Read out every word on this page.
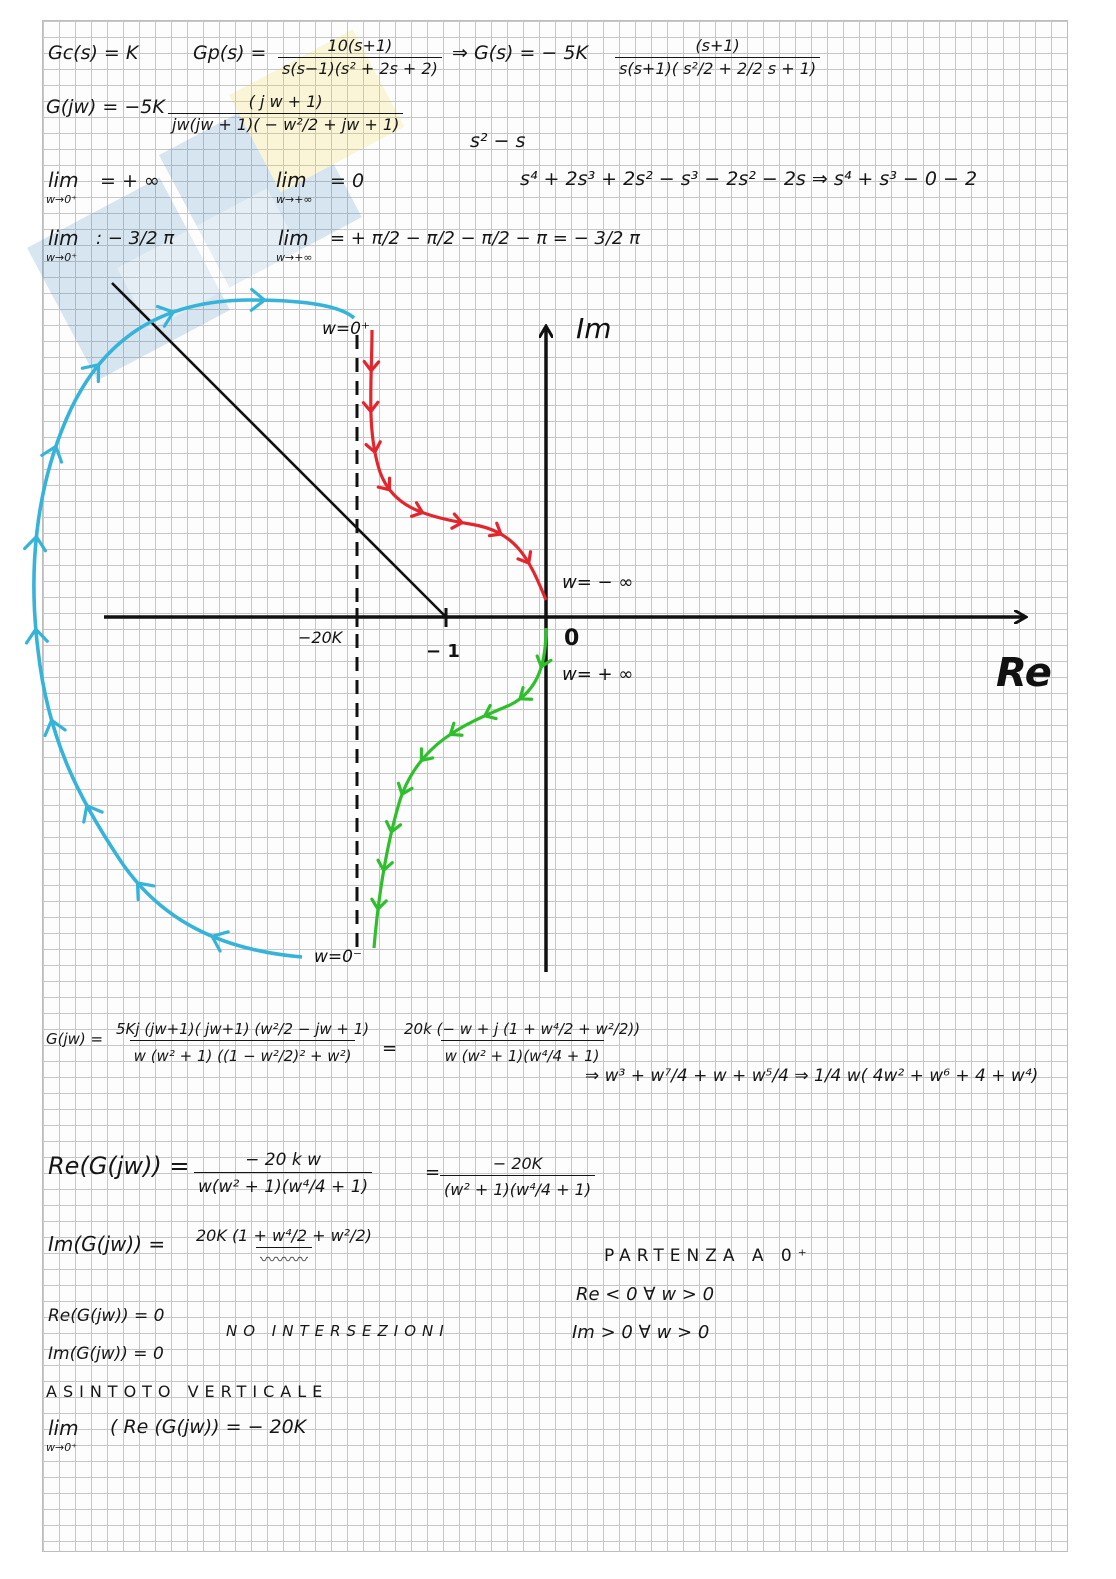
Gc(s) = K	$Gp(s) = \frac{10(s+1)}{\text{s(s−1)(s² + 2s + 2)}}$ ⇒ G(s) = − $5K \frac{(s+1)}{\text{s(s+1)( s²/2 + 2/2 s + 1)}}$
$G(jw) = -5K \frac{\text{( j w + 1)}}{\text{jw(jw + 1)( − w²/2 + jw + 1)}}$
s² − s
s⁴ + 2s³ + 2s² − s³ − 2s² − 2s ⇒ s⁴ + s³ − 0 − 2
lim
w→0⁺
= + ∞	lim
w→+∞
= 0
lim
w→0⁺
: − 3/2 π	lim
w→+∞
= + π/2 − π/2 − π/2 − π = − 3/2 π
Re
Im
−20K
− 1
0
w=0⁺
w=0⁻
w= − ∞
w= + ∞
$G(jw) = \frac{\text{5Kj (jw+1)( jw+1) (w²/2 − jw + 1)}}{\text{w (w² + 1) ((1 − w²/2)² + w²)}} = \frac{\text{20k (− w + j (1 + w⁴/2 + w²/2))}}{\text{w (w² + 1)(w⁴/4 + 1)}}$
⇒ w³ + w⁷/4 + w + w⁵/4 ⇒ 1/4 w( 4w² + w⁶ + 4 + w⁴)
$Re(G(jw)) = \frac{\text{− 20 k w}}{\text{w(w² + 1)(w⁴/4 + 1)}}$	= $\frac{- 20K}{\text{(w² + 1)(w⁴/4 + 1)}}$
Im(G(jw)) = 20K (1 + w⁴/2 + w²/2)
〰〰〰	PARTENZA A 0⁺
Re < 0 ∀ w > 0
Im > 0 ∀ w > 0
Re(G(jw)) = 0
Im(G(jw)) = 0
NO INTERSEZIONI
ASINTOTO VERTICALE
lim
w→0⁺
( Re (G(jw)) = − 20K
